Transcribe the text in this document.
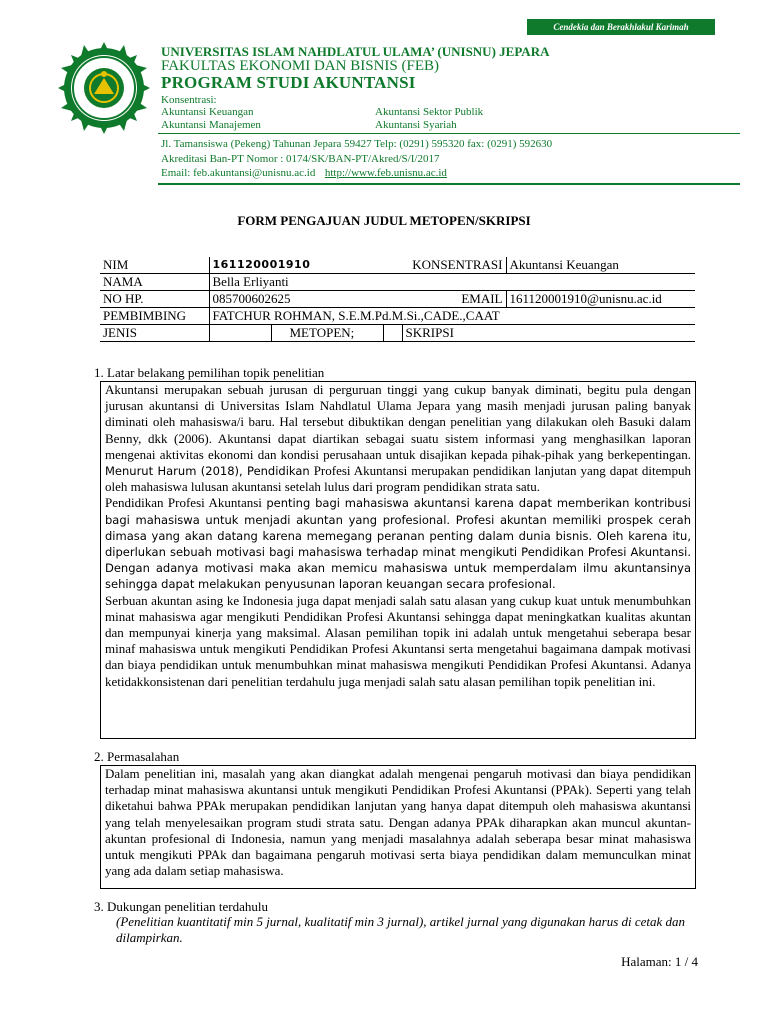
Cendekia dan Berakhlakul Karimah
UNIVERSITAS ISLAM NAHDLATUL ULAMA’ (UNISNU) JEPARA
FAKULTAS EKONOMI DAN BISNIS (FEB)
PROGRAM STUDI AKUNTANSI
Konsentrasi:
Akuntansi Keuangan	Akuntansi Sektor Publik
Akuntansi Manajemen	Akuntansi Syariah
Jl. Tamansiswa (Pekeng) Tahunan Jepara 59427 Telp: (0291) 595320 fax: (0291) 592630
Akreditasi Ban-PT Nomor : 0174/SK/BAN-PT/Akred/S/I/2017
Email: feb.akuntansi@unisnu.ac.id http://www.feb.unisnu.ac.id
FORM PENGAJUAN JUDUL METOPEN/SKRIPSI
NIM	161120001910		KONSENTRASI		Akuntansi Keuangan
NAMA	Bella Erliyanti				
NO HP.	085700602625		EMAIL		161120001910@unisnu.ac.id
PEMBIMBING	FATCHUR ROHMAN, S.E.M.Pd.M.Si.,CADE.,CAAT				
JENIS		METOPEN;		SKRIPSI	
1. Latar belakang pemilihan topik penelitian

Akuntansi merupakan sebuah jurusan di perguruan tinggi yang cukup banyak diminati, begitu pula dengan jurusan akuntansi di Universitas Islam Nahdlatul Ulama Jepara yang masih menjadi jurusan paling banyak diminati oleh mahasiswa/i baru. Hal tersebut dibuktikan dengan penelitian yang dilakukan oleh Basuki dalam Benny, dkk (2006). Akuntansi dapat diartikan sebagai suatu sistem informasi yang menghasilkan laporan mengenai aktivitas ekonomi dan kondisi perusahaan untuk disajikan kepada pihak-pihak yang berkepentingan. Menurut Harum (2018), Pendidikan Profesi Akuntansi merupakan pendidikan lanjutan yang dapat ditempuh oleh mahasiswa lulusan akuntansi setelah lulus dari program pendidikan strata satu.

Pendidikan Profesi Akuntansi penting bagi mahasiswa akuntansi karena dapat memberikan kontribusi bagi mahasiswa untuk menjadi akuntan yang profesional. Profesi akuntan memiliki prospek cerah dimasa yang akan datang karena memegang peranan penting dalam dunia bisnis. Oleh karena itu, diperlukan sebuah motivasi bagi mahasiswa terhadap minat mengikuti Pendidikan Profesi Akuntansi. Dengan adanya motivasi maka akan memicu mahasiswa untuk memperdalam ilmu akuntansinya sehingga dapat melakukan penyusunan laporan keuangan secara profesional.

Serbuan akuntan asing ke Indonesia juga dapat menjadi salah satu alasan yang cukup kuat untuk menumbuhkan minat mahasiswa agar mengikuti Pendidikan Profesi Akuntansi sehingga dapat meningkatkan kualitas akuntan dan mempunyai kinerja yang maksimal. Alasan pemilihan topik ini adalah untuk mengetahui seberapa besar minaf mahasiswa untuk mengikuti Pendidikan Profesi Akuntansi serta mengetahui bagaimana dampak motivasi dan biaya pendidikan untuk menumbuhkan minat mahasiswa mengikuti Pendidikan Profesi Akuntansi. Adanya ketidakkonsistenan dari penelitian terdahulu juga menjadi salah satu alasan pemilihan topik penelitian ini.

2. Permasalahan

Dalam penelitian ini, masalah yang akan diangkat adalah mengenai pengaruh motivasi dan biaya pendidikan terhadap minat mahasiswa akuntansi untuk mengikuti Pendidikan Profesi Akuntansi (PPAk). Seperti yang telah diketahui bahwa PPAk merupakan pendidikan lanjutan yang hanya dapat ditempuh oleh mahasiswa akuntansi yang telah menyelesaikan program studi strata satu. Dengan adanya PPAk diharapkan akan muncul akuntan-akuntan profesional di Indonesia, namun yang menjadi masalahnya adalah seberapa besar minat mahasiswa untuk mengikuti PPAk dan bagaimana pengaruh motivasi serta biaya pendidikan dalam memunculkan minat yang ada dalam setiap mahasiswa.

3. Dukungan penelitian terdahulu
(Penelitian kuantitatif min 5 jurnal, kualitatif min 3 jurnal), artikel jurnal yang digunakan harus di cetak dan dilampirkan.
Halaman: 1 / 4
